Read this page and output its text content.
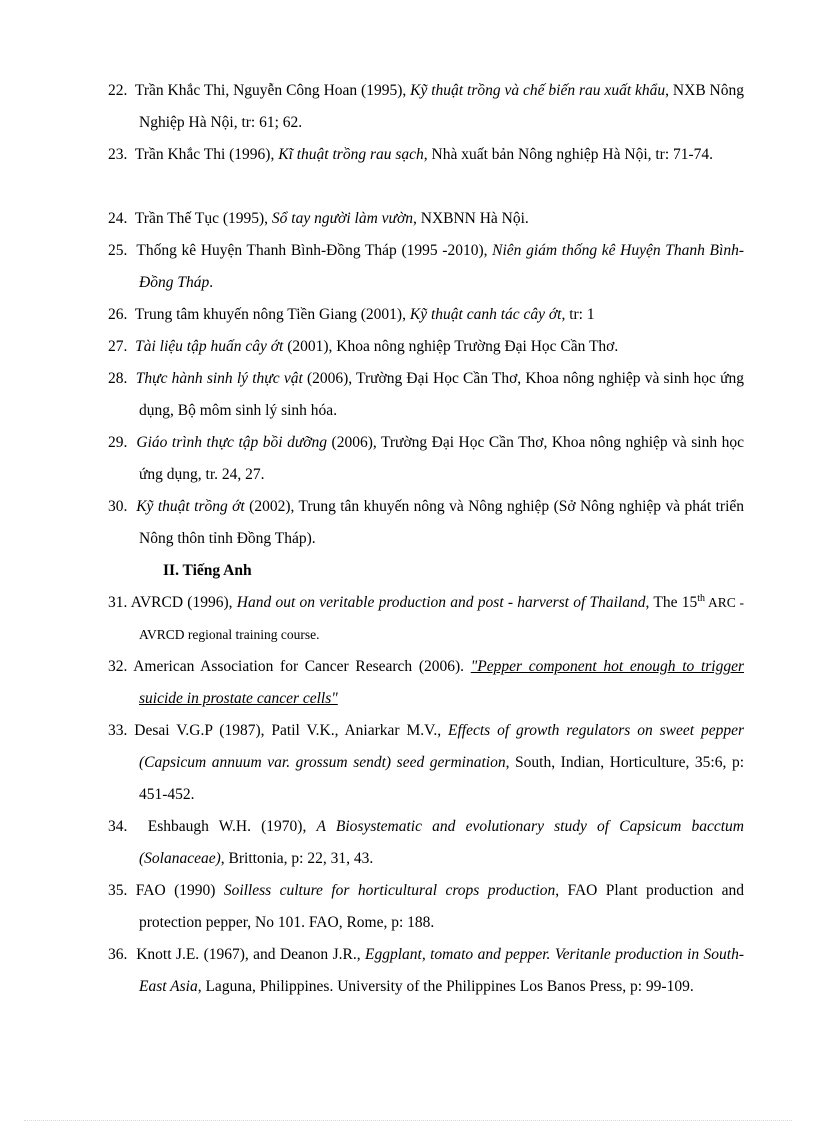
22. Trần Khắc Thi, Nguyễn Công Hoan (1995), Kỹ thuật trồng và chế biến rau xuất khẩu, NXB Nông Nghiệp Hà Nội, tr: 61; 62.
23. Trần Khắc Thi (1996), Kĩ thuật trồng rau sạch, Nhà xuất bản Nông nghiệp Hà Nội, tr: 71-74.
24. Trần Thế Tục (1995), Sổ tay người làm vườn, NXBNN Hà Nội.
25. Thống kê Huyện Thanh Bình-Đồng Tháp (1995 -2010), Niên giám thống kê Huyện Thanh Bình-Đồng Tháp.
26. Trung tâm khuyến nông Tiền Giang (2001), Kỹ thuật canh tác cây ớt, tr: 1
27. Tài liệu tập huấn cây ớt (2001), Khoa nông nghiệp Trường Đại Học Cần Thơ.
28. Thực hành sinh lý thực vật (2006), Trường Đại Học Cần Thơ, Khoa nông nghiệp và sinh học ứng dụng, Bộ môm sinh lý sinh hóa.
29. Giáo trình thực tập bồi dưỡng (2006), Trường Đại Học Cần Thơ, Khoa nông nghiệp và sinh học ứng dụng, tr. 24, 27.
30. Kỹ thuật trồng ớt (2002), Trung tân khuyến nông và Nông nghiệp (Sở Nông nghiệp và phát triển Nông thôn tỉnh Đồng Tháp).
II. Tiếng Anh
31. AVRCD (1996), Hand out on veritable production and post - harverst of Thailand, The 15th ARC - AVRCD regional training course.
32. American Association for Cancer Research (2006). "Pepper component hot enough to trigger suicide in prostate cancer cells"
33. Desai V.G.P (1987), Patil V.K., Aniarkar M.V., Effects of growth regulators on sweet pepper (Capsicum annuum var. grossum sendt) seed germination, South, Indian, Horticulture, 35:6, p: 451-452.
34. Eshbaugh W.H. (1970), A Biosystematic and evolutionary study of Capsicum bacctum (Solanaceae), Brittonia, p: 22, 31, 43.
35. FAO (1990) Soilless culture for horticultural crops production, FAO Plant production and protection pepper, No 101. FAO, Rome, p: 188.
36. Knott J.E. (1967), and Deanon J.R., Eggplant, tomato and pepper. Veritanle production in South-East Asia, Laguna, Philippines. University of the Philippines Los Banos Press, p: 99-109.
